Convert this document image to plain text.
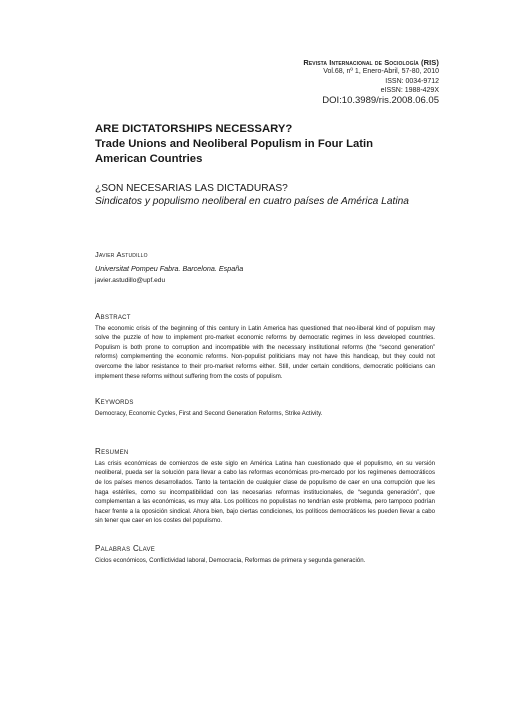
Revista Internacional de Sociología (RIS)
Vol.68, nº 1, Enero-Abril, 57-80, 2010
ISSN: 0034-9712
eISSN: 1988-429X
DOI:10.3989/ris.2008.06.05
ARE DICTATORSHIPS NECESSARY?
Trade Unions and Neoliberal Populism in Four Latin
American Countries
¿SON NECESARIAS LAS DICTADURAS?
Sindicatos y populismo neoliberal en cuatro países de América Latina
Javier Astudillo
Universitat Pompeu Fabra. Barcelona. España
javier.astudillo@upf.edu
Abstract
The economic crisis of the beginning of this century in Latin America has questioned that neo-liberal kind of populism may solve the puzzle of how to implement pro-market economic reforms by democratic regimes in less developed countries. Populism is both prone to corruption and incompatible with the necessary institutional reforms (the “second generation” reforms) complementing the economic reforms. Non-populist politicians may not have this handicap, but they could not overcome the labor resistance to their pro-market reforms either. Still, under certain conditions, democratic politicians can implement these reforms without suffering from the costs of populism.
Keywords
Democracy, Economic Cycles, First and Second Generation Reforms, Strike Activity.
Resumen
Las crisis económicas de comienzos de este siglo en América Latina han cuestionado que el populismo, en su versión neoliberal, pueda ser la solución para llevar a cabo las reformas económicas pro-mercado por los regímenes democráticos de los países menos desarrollados. Tanto la tentación de cualquier clase de populismo de caer en una corrupción que les haga estériles, como su incompatibilidad con las necesarias reformas institucionales, de “segunda generación”, que complementan a las económicas, es muy alta. Los políticos no populistas no tendrían este problema, pero tampoco podrían hacer frente a la oposición sindical. Ahora bien, bajo ciertas condiciones, los políticos democráticos les pueden llevar a cabo sin tener que caer en los costes del populismo.
Palabras Clave
Ciclos económicos, Conflictividad laboral, Democracia, Reformas de primera y segunda generación.
